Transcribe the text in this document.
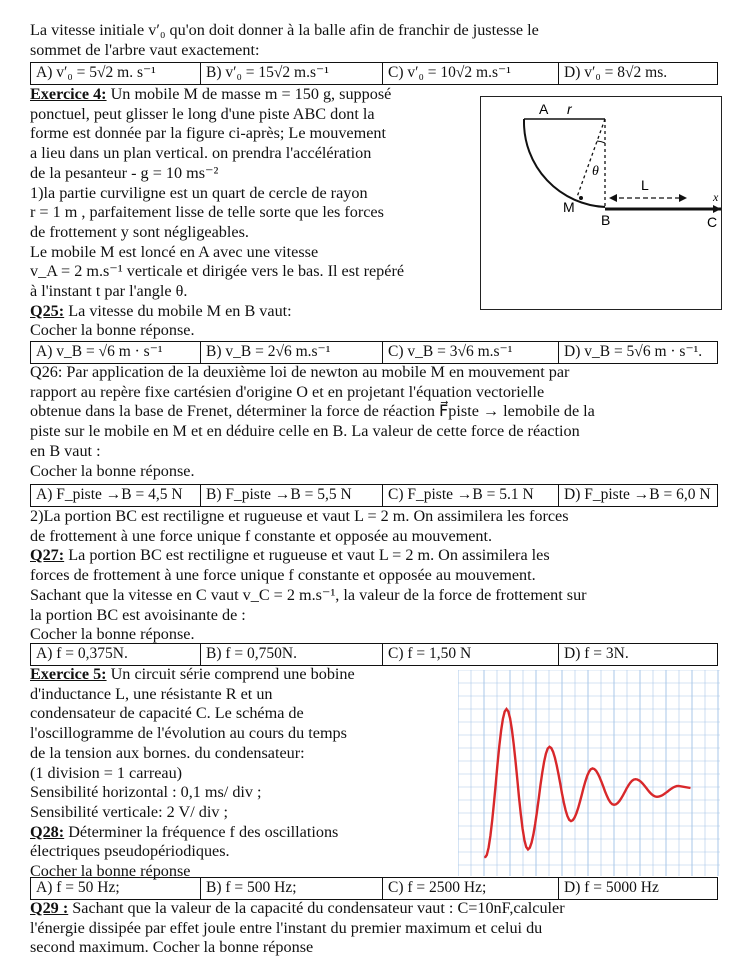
La vitesse initiale v′₀ qu'on doit donner à la balle afin de franchir de justesse le

sommet de l'arbre vaut exactement:

A) v′₀ = 5√2 m. s⁻¹	B) v′₀ = 15√2 m.s⁻¹	C) v′₀ = 10√2 m.s⁻¹	D) v′₀ = 8√2 ms.

Exercice 4: Un mobile M de masse m = 150 g, supposé

ponctuel, peut glisser le long d'une piste ABC dont la

forme est donnée par la figure ci-après; Le mouvement

a lieu dans un plan vertical. on prendra l'accélération

de la pesanteur - g = 10 ms⁻²

1)la partie curviligne est un quart de cercle de rayon

r = 1 m , parfaitement lisse de telle sorte que les forces

de frottement y sont négligeables.

Le mobile M est loncé en A avec une vitesse

v_A = 2 m.s⁻¹ verticale et dirigée vers le bas. Il est repéré

à l'instant t par l'angle θ.

Q25: La vitesse du mobile M en B vaut:

Cocher la bonne réponse.

A r
θ
L
x
M
B	C
A) v_B = √6 m · s⁻¹	B) v_B = 2√6 m.s⁻¹	C) v_B = 3√6 m.s⁻¹	D) v_B = 5√6 m · s⁻¹.

Q26: Par application de la deuxième loi de newton au mobile M en mouvement par

rapport au repère fixe cartésien d'origine O et en projetant l'équation vectorielle

obtenue dans la base de Frenet, déterminer la force de réaction F⃗piste → lemobile de la

piste sur le mobile en M et en déduire celle en B. La valeur de cette force de réaction

en B vaut :

Cocher la bonne réponse.

A) F_piste →B = 4,5 N	B) F_piste →B = 5,5 N	C) F_piste →B = 5.1 N	D) F_piste →B = 6,0 N

2)La portion BC est rectiligne et rugueuse et vaut L = 2 m. On assimilera les forces

de frottement à une force unique f constante et opposée au mouvement.

Q27: La portion BC est rectiligne et rugueuse et vaut L = 2 m. On assimilera les

forces de frottement à une force unique f constante et opposée au mouvement.

Sachant que la vitesse en C vaut v_C = 2 m.s⁻¹, la valeur de la force de frottement sur

la portion BC est avoisinante de :

Cocher la bonne réponse.

A) f = 0,375N.	B) f = 0,750N.	C) f = 1,50 N	D) f = 3N.

Exercice 5: Un circuit série comprend une bobine

d'inductance L, une résistante R et un

condensateur de capacité C. Le schéma de

l'oscillogramme de l'évolution au cours du temps

de la tension aux bornes. du condensateur:

(1 division = 1 carreau)

Sensibilité horizontal : 0,1 ms/ div ;

Sensibilité verticale: 2 V/ div ;

Q28: Déterminer la fréquence f des oscillations

électriques pseudopériodiques.

Cocher la bonne réponse

A) f = 50 Hz;	B) f = 500 Hz;	C) f = 2500 Hz;	D) f = 5000 Hz

Q29 : Sachant que la valeur de la capacité du condensateur vaut : C=10nF,calculer

l'énergie dissipée par effet joule entre l'instant du premier maximum et celui du

second maximum. Cocher la bonne réponse
